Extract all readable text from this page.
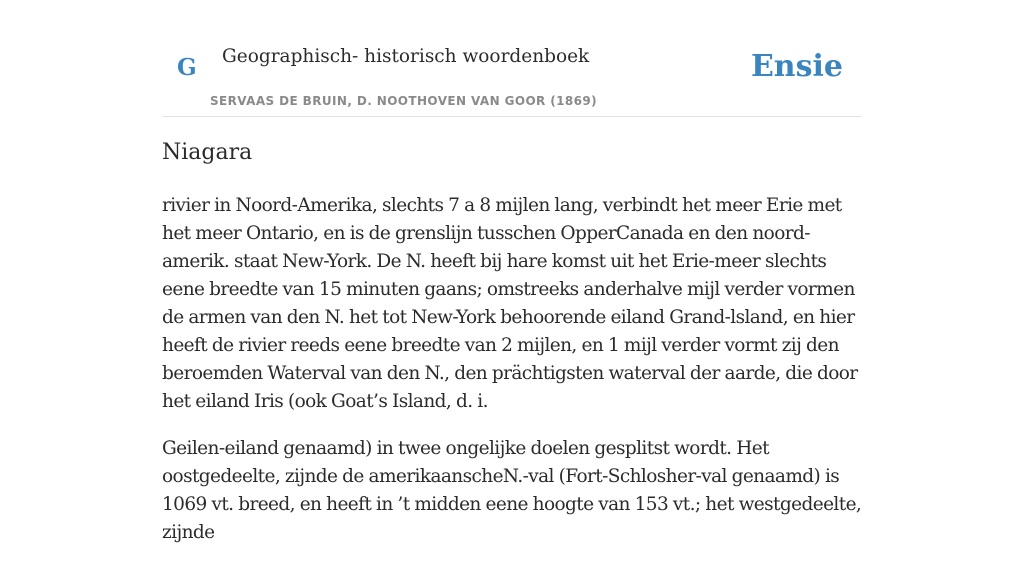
G Geographisch- historisch woordenboek
SERVAAS DE BRUIN, D. NOOTHOVEN VAN GOOR (1869)
Ensie
Niagara

rivier in Noord-Amerika, slechts 7 a 8 mijlen lang, verbindt het meer Erie met het meer Ontario, en is de grenslijn tusschen OpperCanada en den noord-amerik. staat New-York. De N. heeft bij hare komst uit het Erie-meer slechts eene breedte van 15 minuten gaans; omstreeks anderhalve mijl verder vormen de armen van den N. het tot New-York behoorende eiland Grand-lsland, en hier heeft de rivier reeds eene breedte van 2 mijlen, en 1 mijl verder vormt zij den beroemden Waterval van den N., den prächtigsten waterval der aarde, die door het eiland Iris (ook Goat’s Island, d. i.

Geilen-eiland genaamd) in twee ongelijke doelen gesplitst wordt. Het oostgedeelte, zijnde de amerikaanscheN.-val (Fort-Schlosher-val genaamd) is 1069 vt. breed, en heeft in ’t midden eene hoogte van 153 vt.; het westgedeelte, zijnde
